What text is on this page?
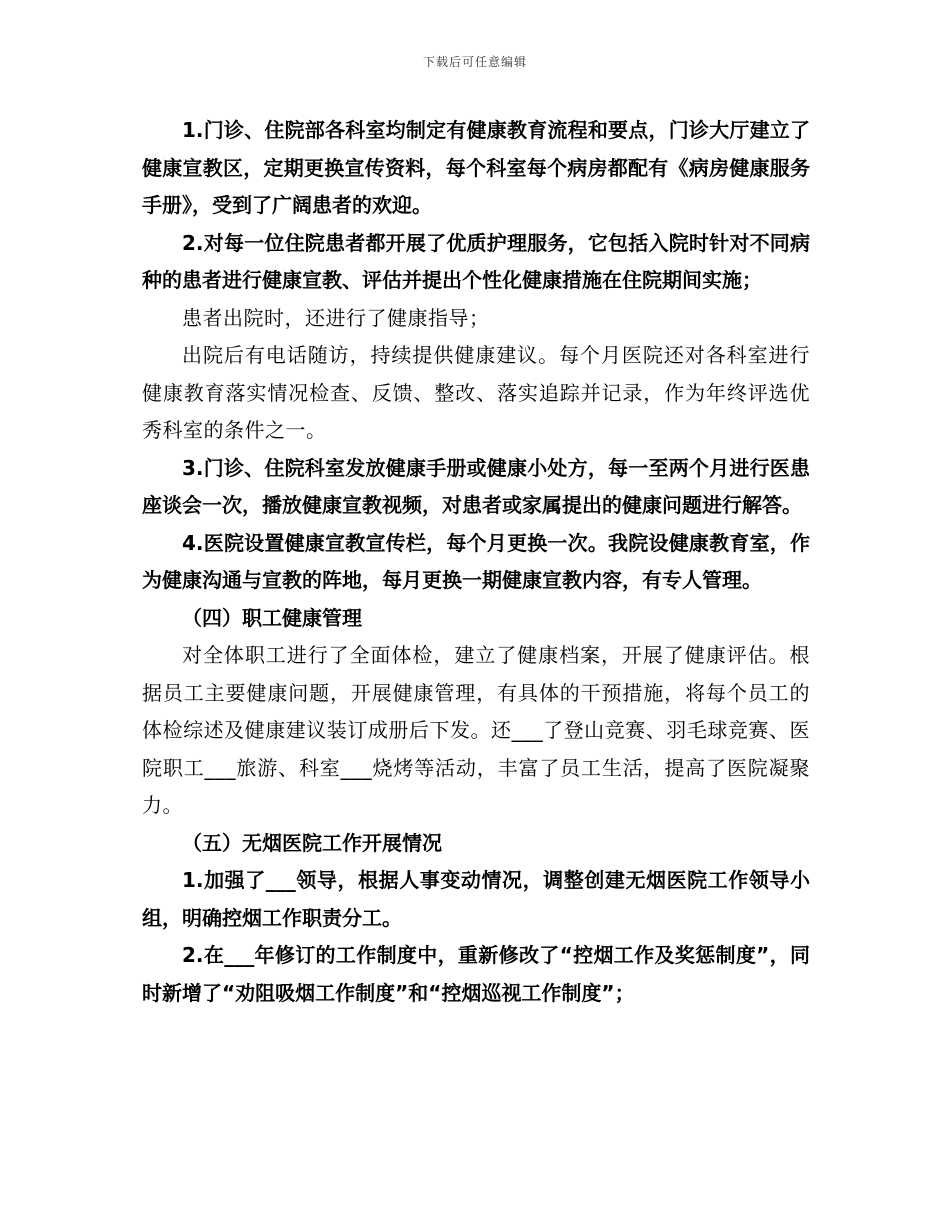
下载后可任意编辑

1.门诊、住院部各科室均制定有健康教育流程和要点，门诊大厅建立了健康宣教区，定期更换宣传资料，每个科室每个病房都配有《病房健康服务手册》，受到了广阔患者的欢迎。

2.对每一位住院患者都开展了优质护理服务，它包括入院时针对不同病种的患者进行健康宣教、评估并提出个性化健康措施在住院期间实施；

患者出院时，还进行了健康指导；

出院后有电话随访，持续提供健康建议。每个月医院还对各科室进行健康教育落实情况检查、反馈、整改、落实追踪并记录，作为年终评选优秀科室的条件之一。

3.门诊、住院科室发放健康手册或健康小处方，每一至两个月进行医患座谈会一次，播放健康宣教视频，对患者或家属提出的健康问题进行解答。

4.医院设置健康宣教宣传栏，每个月更换一次。我院设健康教育室，作为健康沟通与宣教的阵地，每月更换一期健康宣教内容，有专人管理。

（四）职工健康管理

对全体职工进行了全面体检，建立了健康档案，开展了健康评估。根据员工主要健康问题，开展健康管理，有具体的干预措施，将每个员工的体检综述及健康建议装订成册后下发。还___了登山竞赛、羽毛球竞赛、医院职工___旅游、科室___烧烤等活动，丰富了员工生活，提高了医院凝聚力。

（五）无烟医院工作开展情况

1.加强了___领导，根据人事变动情况，调整创建无烟医院工作领导小组，明确控烟工作职责分工。

2.在___年修订的工作制度中，重新修改了“控烟工作及奖惩制度”，同时新增了“劝阻吸烟工作制度”和“控烟巡视工作制度”；
